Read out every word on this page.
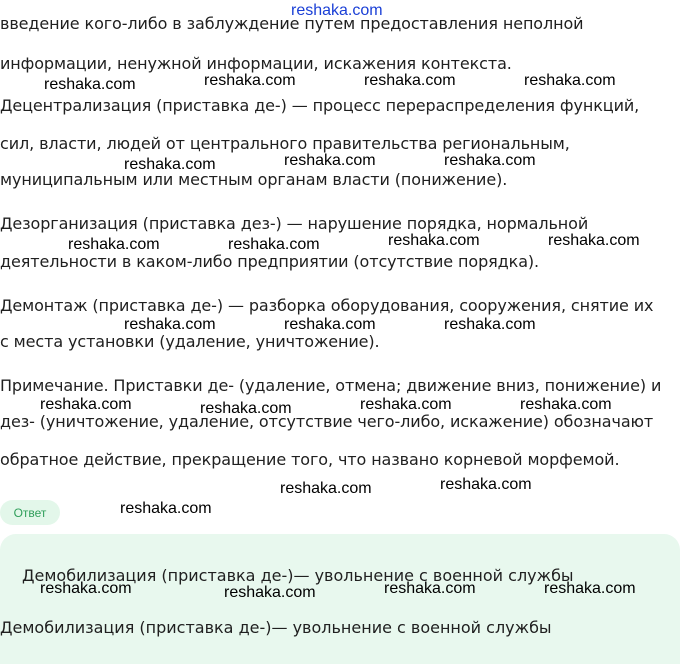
введение кого-либо в заблуждение путем предоставления неполной
информации, ненужной информации, искажения контекста.
Децентрализация (приставка де-) — процесс перераспределения функций,
сил, власти, людей от центрального правительства региональным,
муниципальным или местным органам власти (понижение).
Дезорганизация (приставка дез-) — нарушение порядка, нормальной
деятельности в каком-либо предприятии (отсутствие порядка).
Демонтаж (приставка де-) — разборка оборудования, сооружения, снятие их
с места установки (удаление, уничтожение).
Примечание. Приставки де- (удаление, отмена; движение вниз, понижение) и
дез- (уничтожение, удаление, отсутствие чего-либо, искажение) обозначают
обратное действие, прекращение того, что названо корневой морфемой.
Ответ
Демобилизация (приставка де-)— увольнение с военной службы
Демобилизация (приставка де-)— увольнение с военной службы
reshaka.com
reshaka.com	reshaka.com	reshaka.com	reshaka.com
reshaka.com	reshaka.com	reshaka.com
reshaka.com	reshaka.com	reshaka.com	reshaka.com
reshaka.com	reshaka.com	reshaka.com
reshaka.com	reshaka.com	reshaka.com	reshaka.com
reshaka.com	reshaka.com
reshaka.com
reshaka.com	reshaka.com	reshaka.com	reshaka.com
